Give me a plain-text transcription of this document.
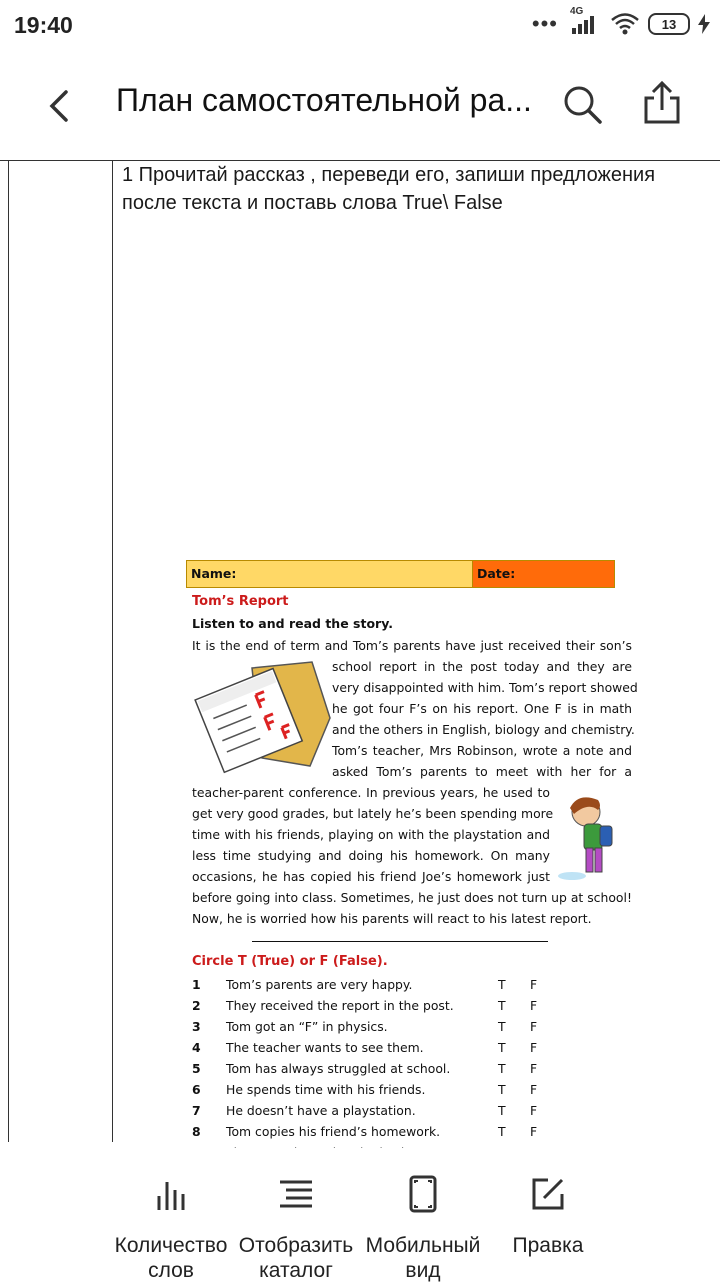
19:40	••• 4G
13
План самостоятельной ра...
1 Прочитай рассказ , переведи его, запиши предложения после текста и поставь слова True\ False
Name:	Date:
Tom’s Report
Listen to and read the story.
It is the end of term and Tom’s parents have just received their son’s
school report in the post today and they are
very disappointed with him. Tom’s report showed
he got four F’s on his report. One F is in math
and the others in English, biology and chemistry.
Tom’s teacher, Mrs Robinson, wrote a note and
asked Tom’s parents to meet with her for a
teacher-parent conference. In previous years, he used to
get very good grades, but lately he’s been spending more
time with his friends, playing on with the playstation and
less time studying and doing his homework. On many
occasions, he has copied his friend Joe’s homework just
before going into class. Sometimes, he just does not turn up at school!
Now, he is worried how his parents will react to his latest report.
Circle T (True) or F (False).
1 Tom’s parents are very happy.	T F
2 They received the report in the post.	T F
3 Tom got an “F” in physics.	T F
4 The teacher wants to see them.	T F
5 Tom has always struggled at school.	T F
6 He spends time with his friends.	T F
7 He doesn’t have a playstation.	T F
8 Tom copies his friend’s homework.	T F
Количество слов
Отобразить каталог
Мобильный вид
Правка
